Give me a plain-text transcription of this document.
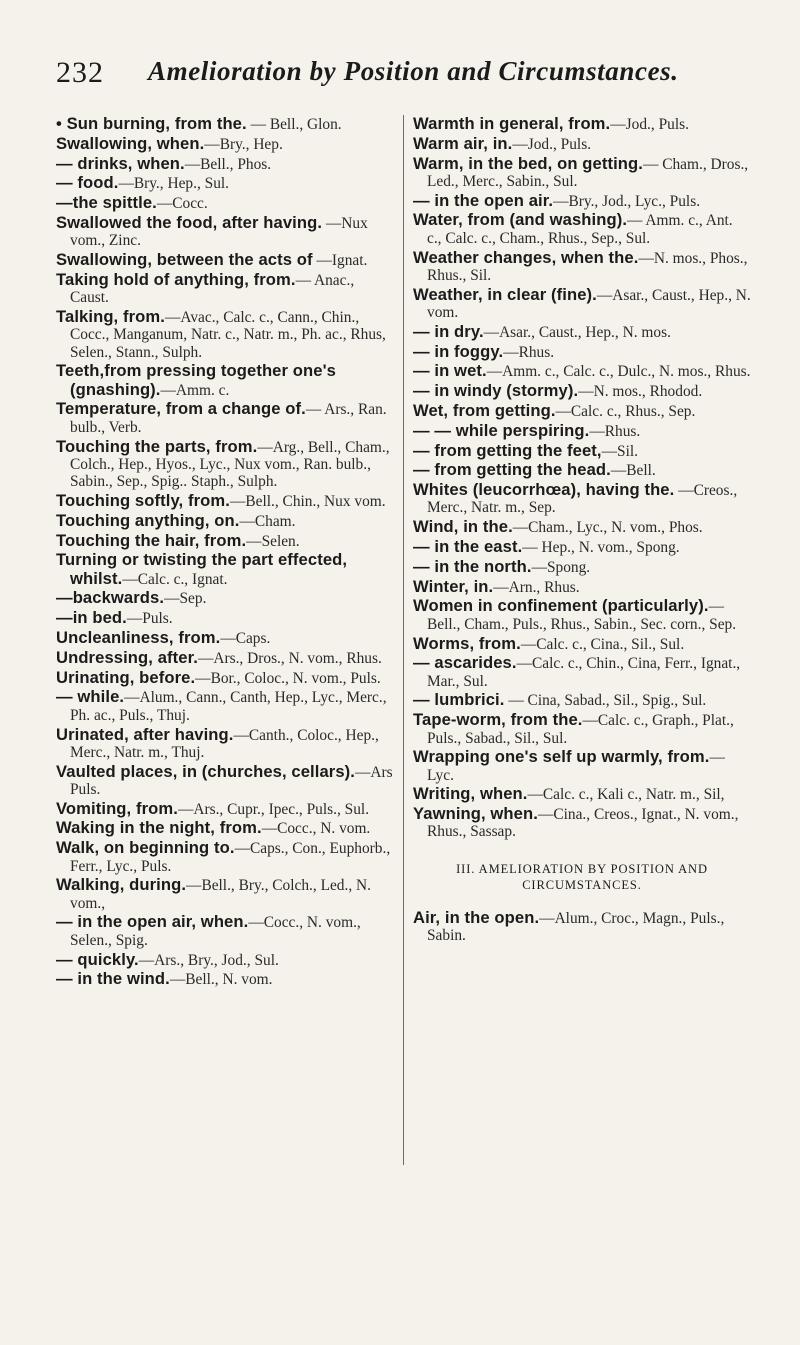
232 Amelioration by Position and Circumstances.

• Sun burning, from the. — Bell., Glon.

Swallowing, when.—Bry., Hep.

— drinks, when.—Bell., Phos.

— food.—Bry., Hep., Sul.

—the spittle.—Cocc.

Swallowed the food, after having. —Nux vom., Zinc.

Swallowing, between the acts of —Ignat.

Taking hold of anything, from.— Anac., Caust.

Talking, from.—Avac., Calc. c., Cann., Chin., Cocc., Manganum, Natr. c., Natr. m., Ph. ac., Rhus, Selen., Stann., Sulph.

Teeth,from pressing together one's (gnashing).—Amm. c.

Temperature, from a change of.— Ars., Ran. bulb., Verb.

Touching the parts, from.—Arg., Bell., Cham., Colch., Hep., Hyos., Lyc., Nux vom., Ran. bulb., Sabin., Sep., Spig.. Staph., Sulph.

Touching softly, from.—Bell., Chin., Nux vom.

Touching anything, on.—Cham.

Touching the hair, from.—Selen.

Turning or twisting the part effected, whilst.—Calc. c., Ignat.

—backwards.—Sep.

—in bed.—Puls.

Uncleanliness, from.—Caps.

Undressing, after.—Ars., Dros., N. vom., Rhus.

Urinating, before.—Bor., Coloc., N. vom., Puls.

— while.—Alum., Cann., Canth, Hep., Lyc., Merc., Ph. ac., Puls., Thuj.

Urinated, after having.—Canth., Coloc., Hep., Merc., Natr. m., Thuj.

Vaulted places, in (churches, cellars).—Ars Puls.

Vomiting, from.—Ars., Cupr., Ipec., Puls., Sul.

Waking in the night, from.—Cocc., N. vom.

Walk, on beginning to.—Caps., Con., Euphorb., Ferr., Lyc., Puls.

Walking, during.—Bell., Bry., Colch., Led., N. vom.,

— in the open air, when.—Cocc., N. vom., Selen., Spig.

— quickly.—Ars., Bry., Jod., Sul.

— in the wind.—Bell., N. vom.

Warmth in general, from.—Jod., Puls.

Warm air, in.—Jod., Puls.

Warm, in the bed, on getting.— Cham., Dros., Led., Merc., Sabin., Sul.

— in the open air.—Bry., Jod., Lyc., Puls.

Water, from (and washing).— Amm. c., Ant. c., Calc. c., Cham., Rhus., Sep., Sul.

Weather changes, when the.—N. mos., Phos., Rhus., Sil.

Weather, in clear (fine).—Asar., Caust., Hep., N. vom.

— in dry.—Asar., Caust., Hep., N. mos.

— in foggy.—Rhus.

— in wet.—Amm. c., Calc. c., Dulc., N. mos., Rhus.

— in windy (stormy).—N. mos., Rhodod.

Wet, from getting.—Calc. c., Rhus., Sep.

— — while perspiring.—Rhus.

— from getting the feet,—Sil.

— from getting the head.—Bell.

Whites (leucorrhœa), having the. —Creos., Merc., Natr. m., Sep.

Wind, in the.—Cham., Lyc., N. vom., Phos.

— in the east.— Hep., N. vom., Spong.

— in the north.—Spong.

Winter, in.—Arn., Rhus.

Women in confinement (particularly).—Bell., Cham., Puls., Rhus., Sabin., Sec. corn., Sep.

Worms, from.—Calc. c., Cina., Sil., Sul.

— ascarides.—Calc. c., Chin., Cina, Ferr., Ignat., Mar., Sul.

— lumbrici. — Cina, Sabad., Sil., Spig., Sul.

Tape-worm, from the.—Calc. c., Graph., Plat., Puls., Sabad., Sil., Sul.

Wrapping one's self up warmly, from.—Lyc.

Writing, when.—Calc. c., Kali c., Natr. m., Sil,

Yawning, when.—Cina., Creos., Ignat., N. vom., Rhus., Sassap.

III. AMELIORATION BY POSITION AND CIRCUMSTANCES.

Air, in the open.—Alum., Croc., Magn., Puls., Sabin.
